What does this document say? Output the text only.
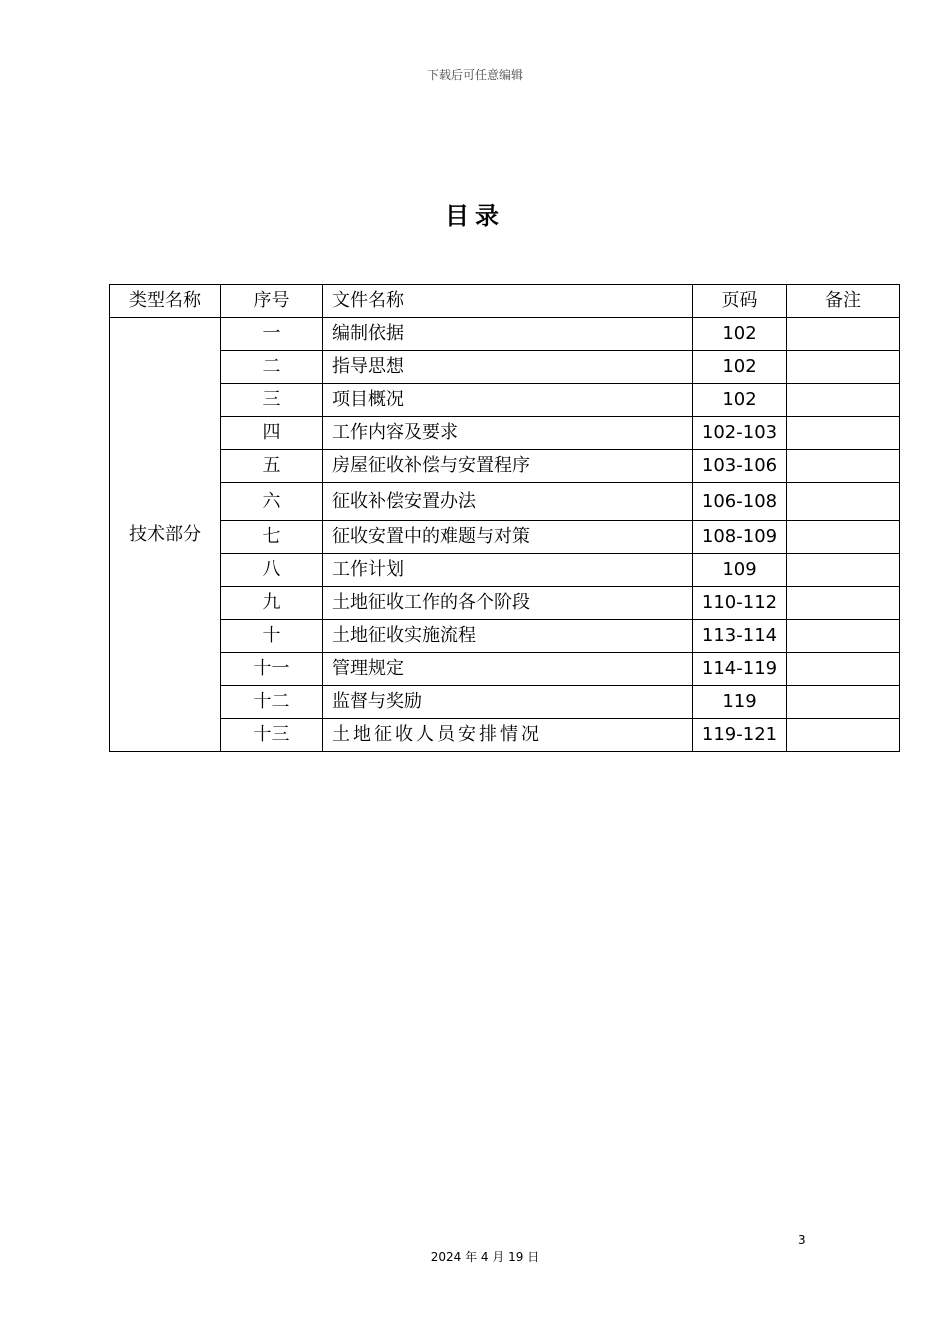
下载后可任意编辑
目录
类型名称	序号	文件名称	页码	备注
技术部分	一	编制依据	102	
	二	指导思想	102	
	三	项目概况	102	
	四	工作内容及要求	102-103	
	五	房屋征收补偿与安置程序	103-106	
	六	征收补偿安置办法	106-108	
	七	征收安置中的难题与对策	108-109	
	八	工作计划	109	
	九	土地征收工作的各个阶段	110-112	
	十	土地征收实施流程	113-114	
	十一	管理规定	114-119	
	十二	监督与奖励	119	
	十三	土地征收人员安排情况	119-121	
3
2024 年 4 月 19 日
